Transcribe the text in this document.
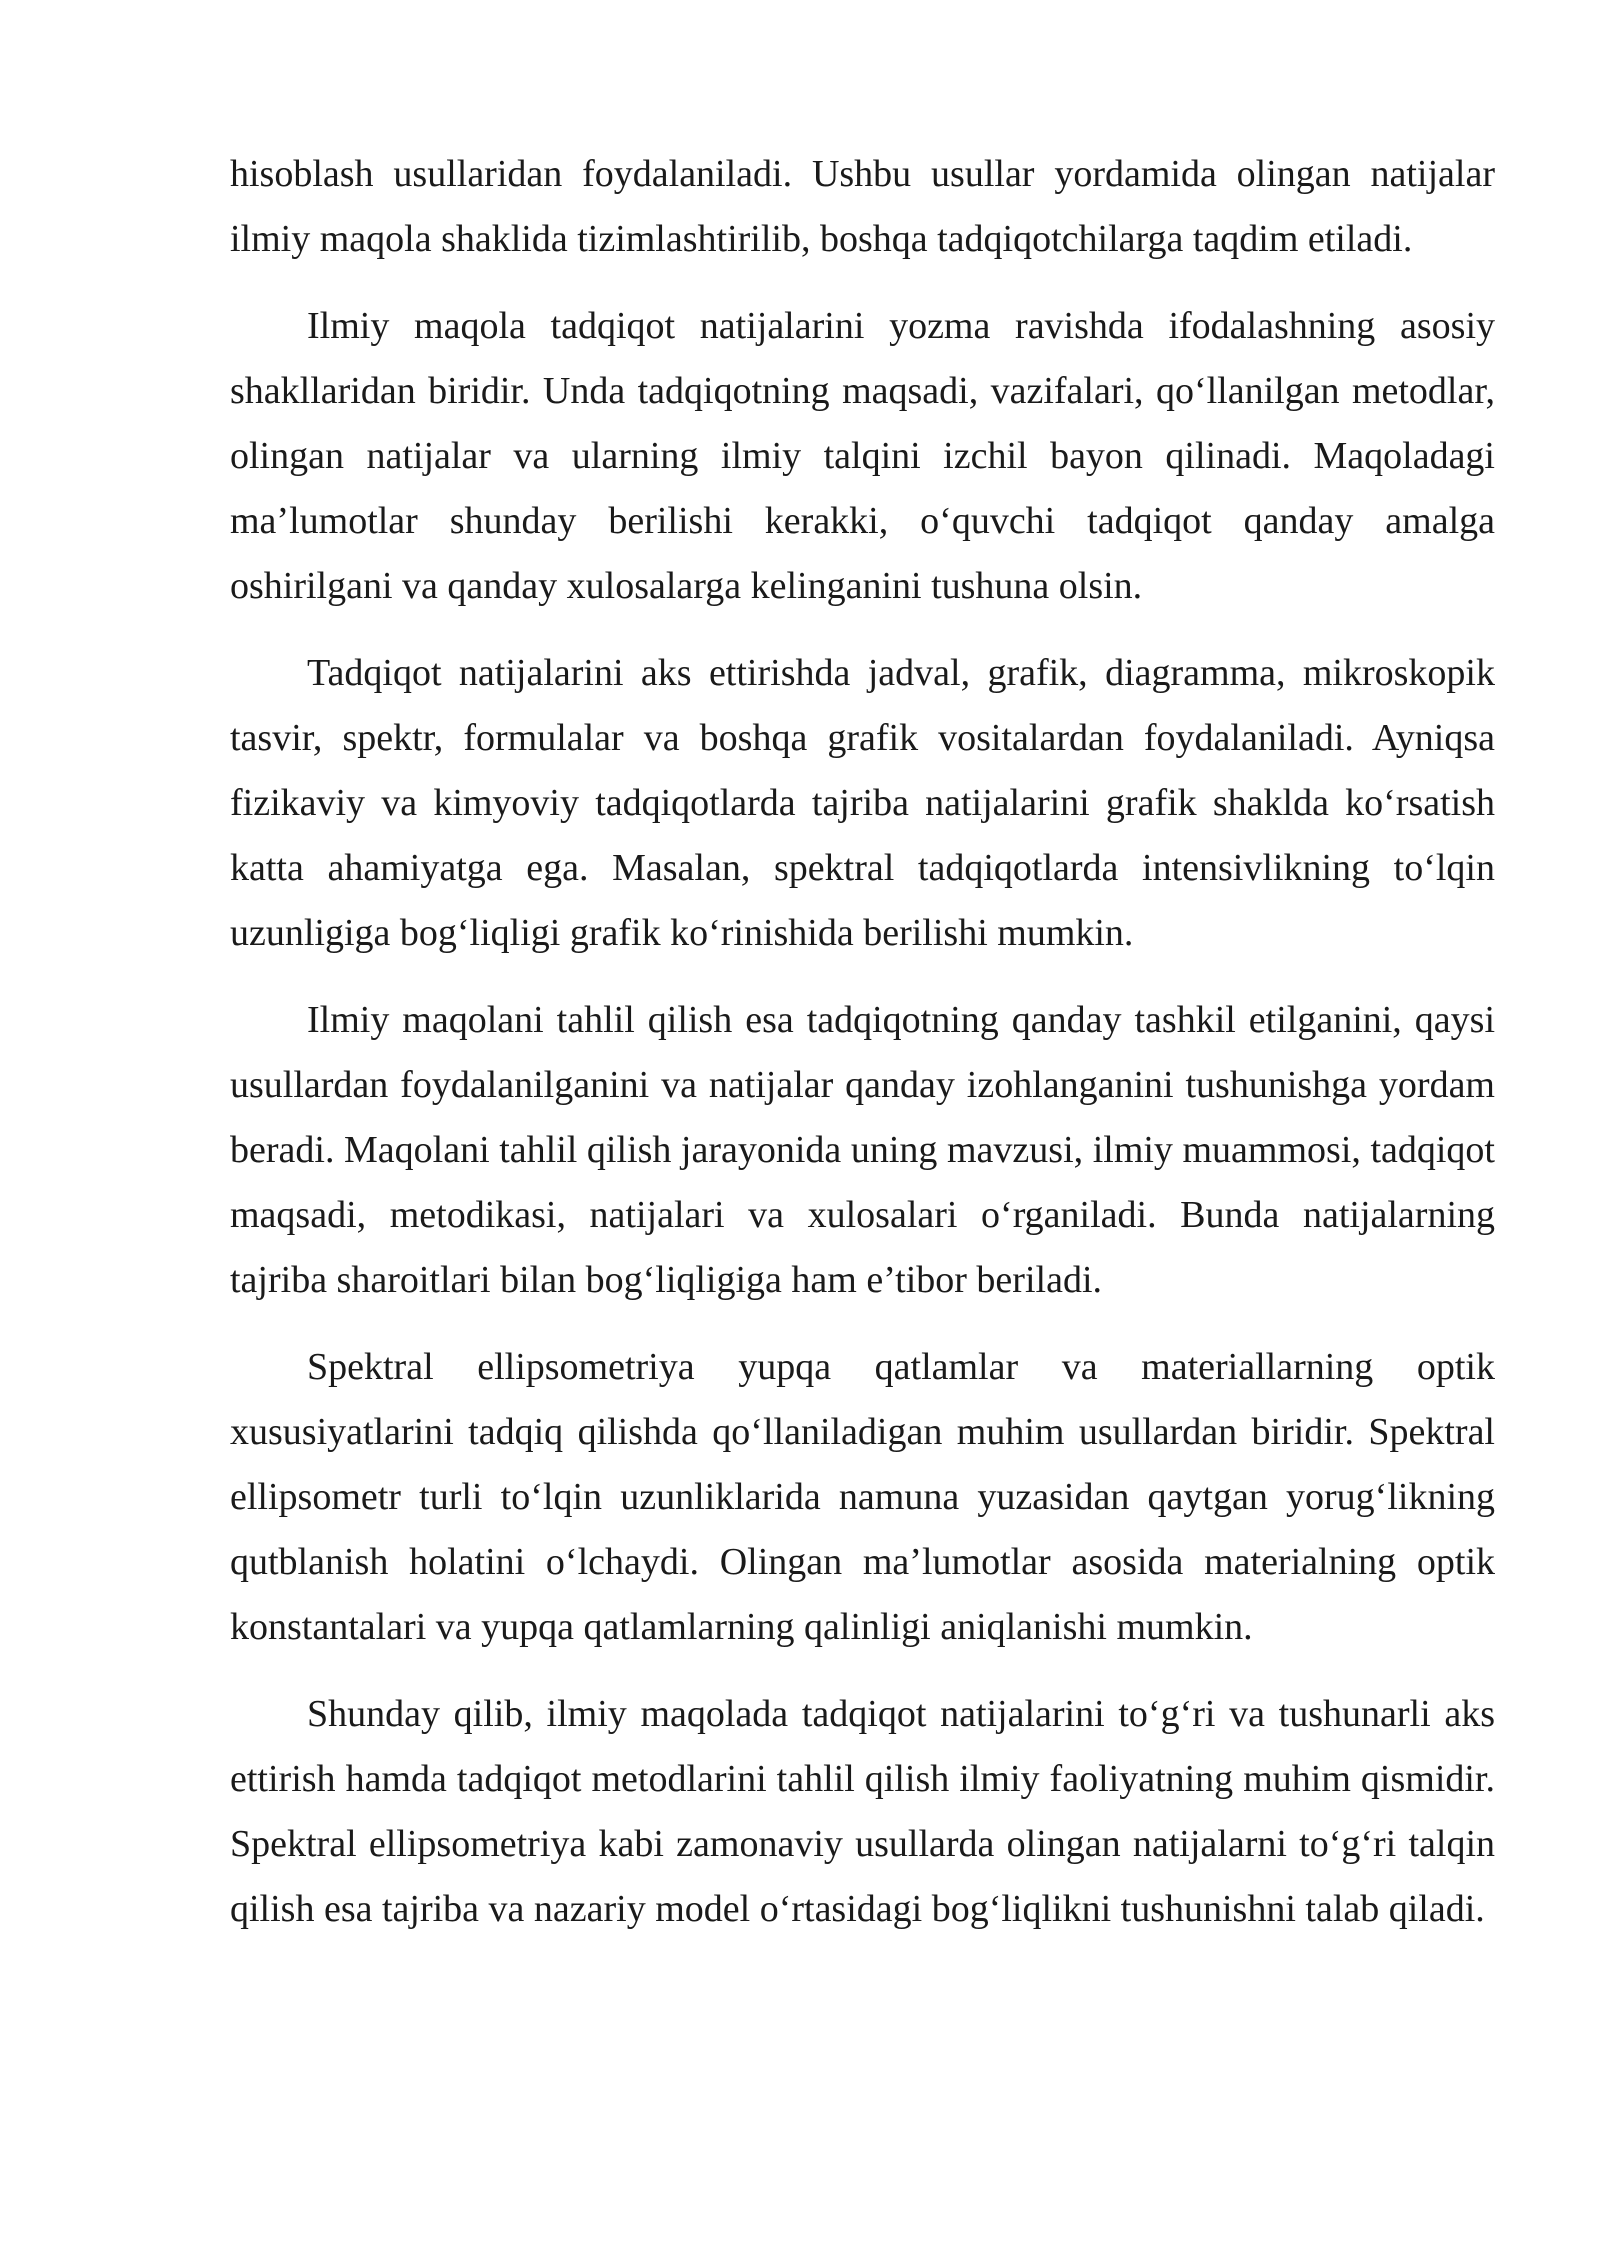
hisoblash usullaridan foydalaniladi. Ushbu usullar yordamida olingan natijalar ilmiy maqola shaklida tizimlashtirilib, boshqa tadqiqotchilarga taqdim etiladi.

Ilmiy maqola tadqiqot natijalarini yozma ravishda ifodalashning asosiy shakllaridan biridir. Unda tadqiqotning maqsadi, vazifalari, qo‘llanilgan metodlar, olingan natijalar va ularning ilmiy talqini izchil bayon qilinadi. Maqoladagi ma’lumotlar shunday berilishi kerakki, o‘quvchi tadqiqot qanday amalga oshirilgani va qanday xulosalarga kelinganini tushuna olsin.

Tadqiqot natijalarini aks ettirishda jadval, grafik, diagramma, mikroskopik tasvir, spektr, formulalar va boshqa grafik vositalardan foydalaniladi. Ayniqsa fizikaviy va kimyoviy tadqiqotlarda tajriba natijalarini grafik shaklda ko‘rsatish katta ahamiyatga ega. Masalan, spektral tadqiqotlarda intensivlikning to‘lqin uzunligiga bog‘liqligi grafik ko‘rinishida berilishi mumkin.

Ilmiy maqolani tahlil qilish esa tadqiqotning qanday tashkil etilganini, qaysi usullardan foydalanilganini va natijalar qanday izohlanganini tushunishga yordam beradi. Maqolani tahlil qilish jarayonida uning mavzusi, ilmiy muammosi, tadqiqot maqsadi, metodikasi, natijalari va xulosalari o‘rganiladi. Bunda natijalarning tajriba sharoitlari bilan bog‘liqligiga ham e’tibor beriladi.

Spektral ellipsometriya yupqa qatlamlar va materiallarning optik xususiyatlarini tadqiq qilishda qo‘llaniladigan muhim usullardan biridir. Spektral ellipsometr turli to‘lqin uzunliklarida namuna yuzasidan qaytgan yorug‘likning qutblanish holatini o‘lchaydi. Olingan ma’lumotlar asosida materialning optik konstantalari va yupqa qatlamlarning qalinligi aniqlanishi mumkin.

Shunday qilib, ilmiy maqolada tadqiqot natijalarini to‘g‘ri va tushunarli aks ettirish hamda tadqiqot metodlarini tahlil qilish ilmiy faoliyatning muhim qismidir. Spektral ellipsometriya kabi zamonaviy usullarda olingan natijalarni to‘g‘ri talqin qilish esa tajriba va nazariy model o‘rtasidagi bog‘liqlikni tushunishni talab qiladi.
